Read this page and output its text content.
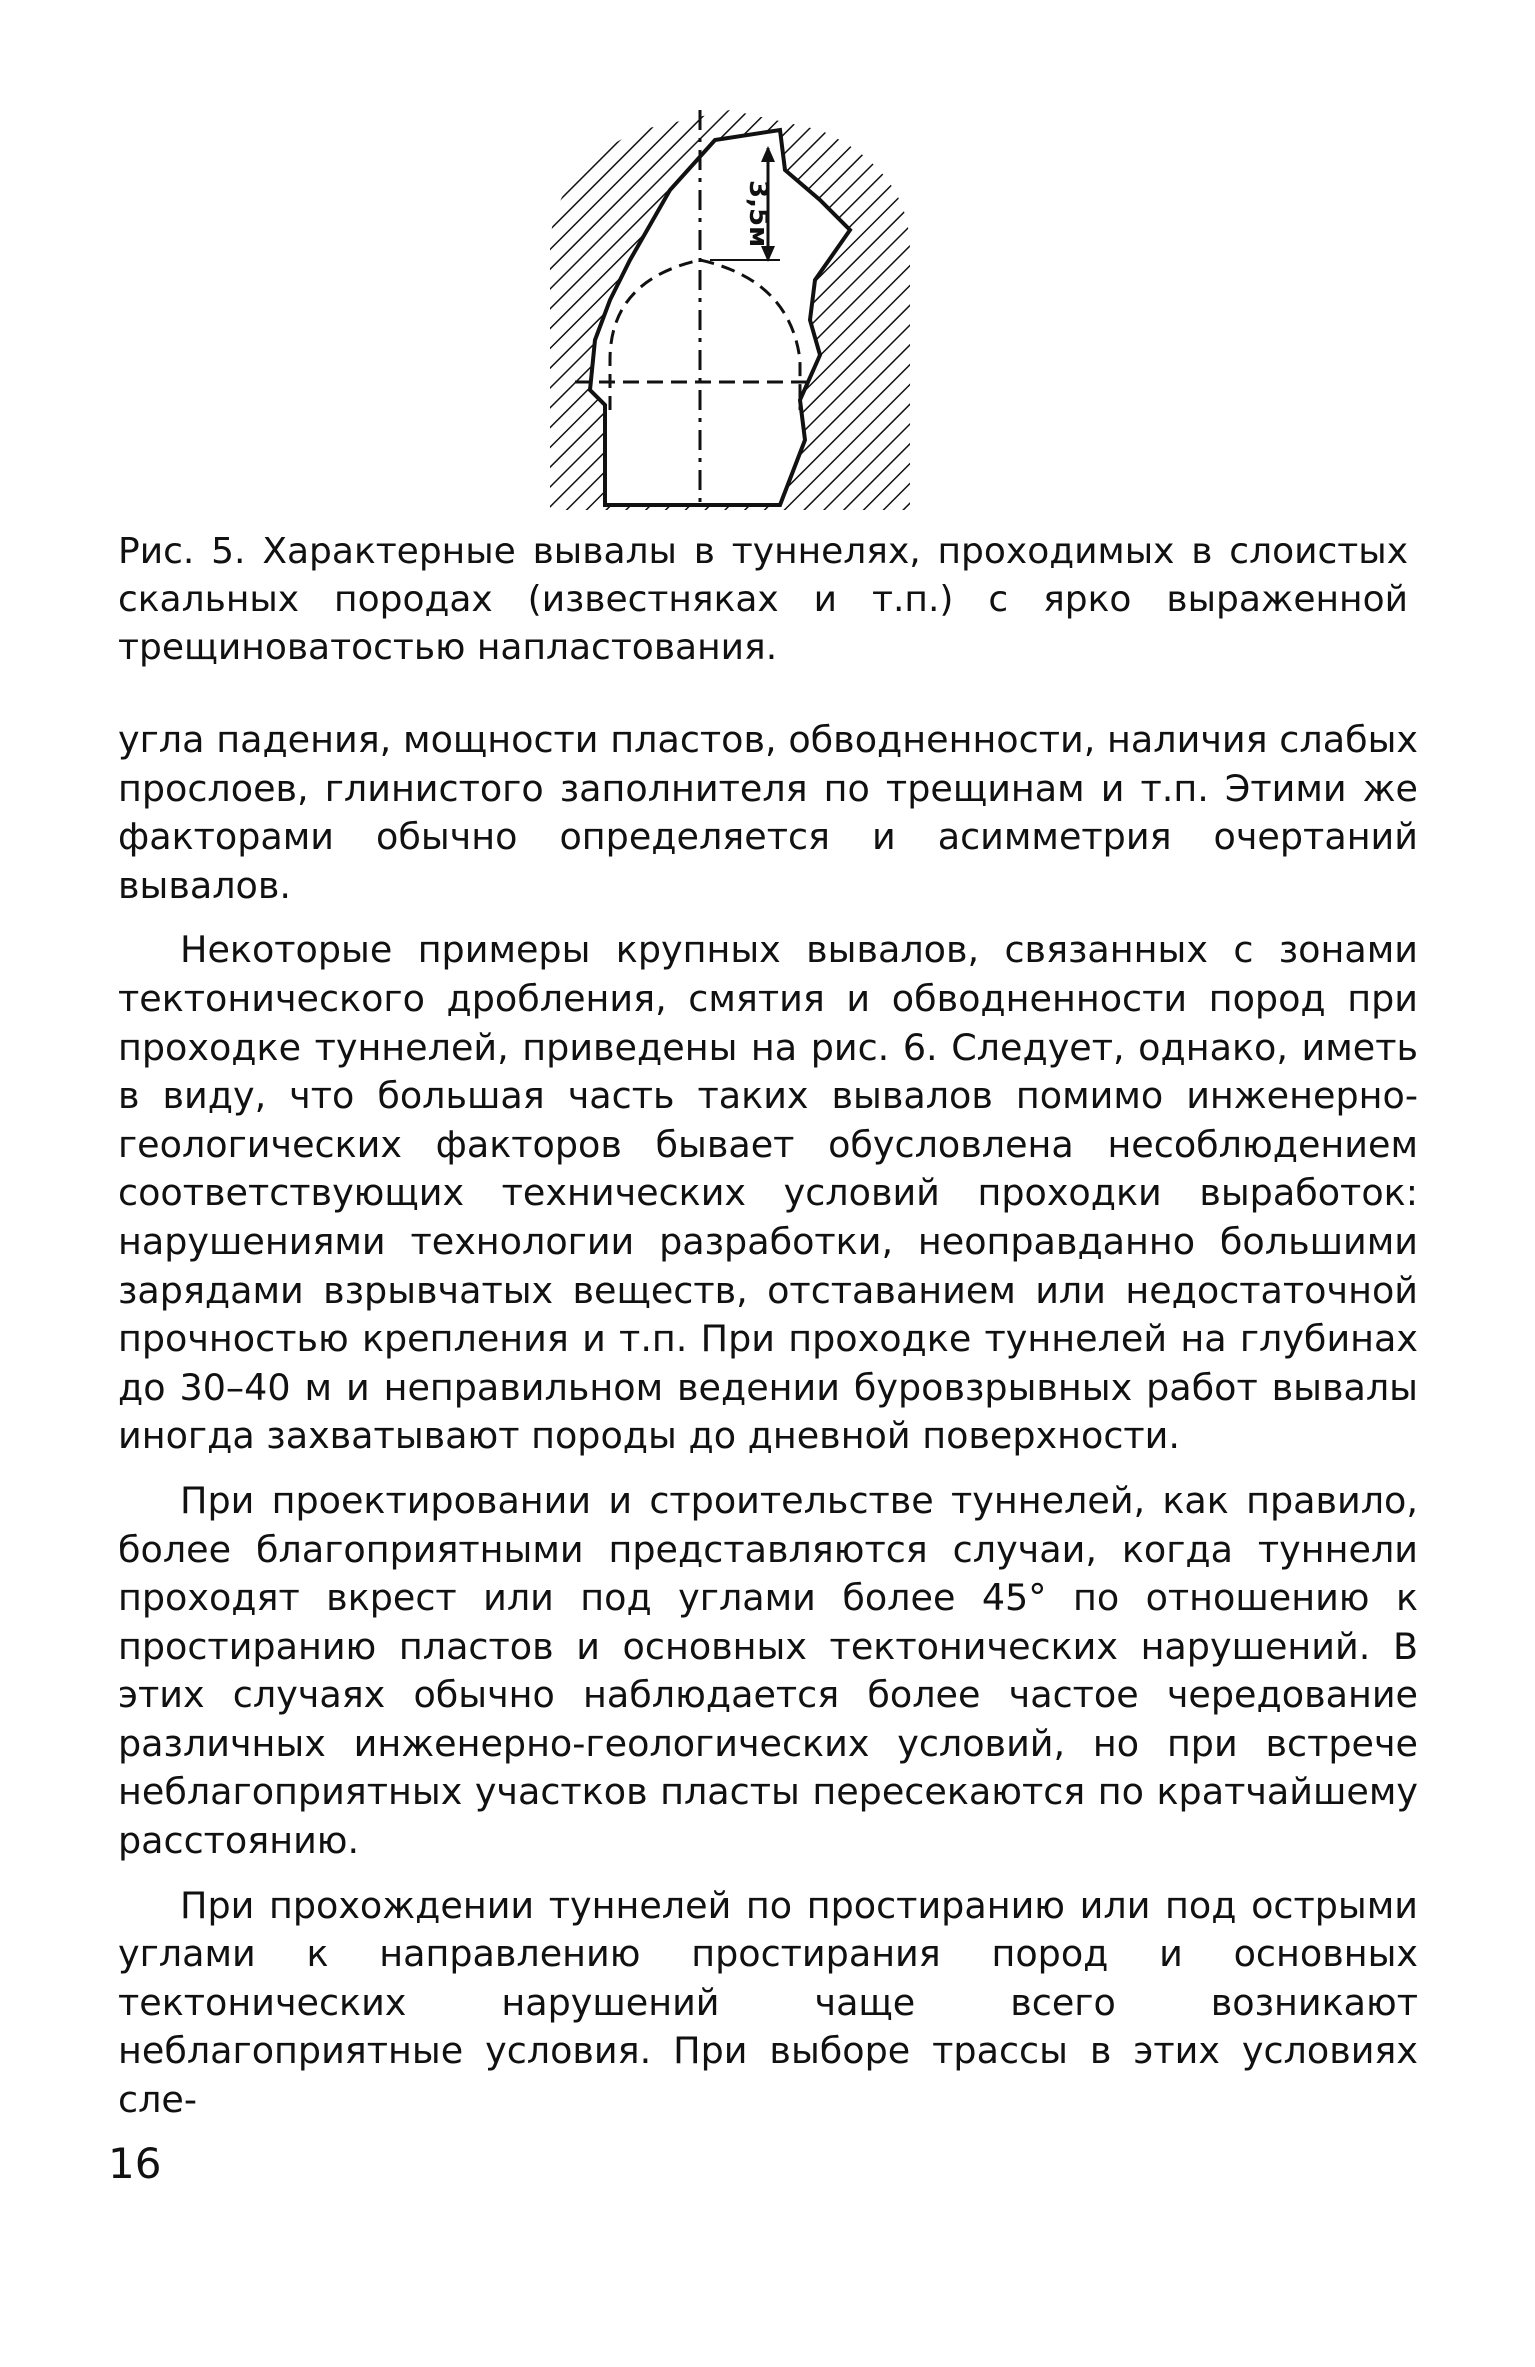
3,5м
Рис. 5. Характерные вывалы в туннелях, проходимых в слоистых скальных породах (известняках и т.п.) с ярко выраженной трещиноватостью напластования.

угла падения, мощности пластов, обводненности, наличия слабых прослоев, глинистого заполнителя по трещинам и т.п. Этими же факторами обычно определяется и асимметрия очертаний вывалов.

Некоторые примеры крупных вывалов, связанных с зонами тектонического дробления, смятия и обводненности пород при проходке туннелей, приведены на рис. 6. Следует, однако, иметь в виду, что большая часть таких вывалов помимо инженерно-геологических факторов бывает обусловлена несоблюдением соответствующих технических условий проходки выработок: нарушениями технологии разработки, неоправданно большими зарядами взрывчатых веществ, отставанием или недостаточной прочностью крепления и т.п. При проходке туннелей на глубинах до 30–40 м и неправильном ведении буровзрывных работ вывалы иногда захватывают породы до дневной поверхности.

При проектировании и строительстве туннелей, как правило, более благоприятными представляются случаи, когда туннели проходят вкрест или под углами более 45° по отношению к простиранию пластов и основных тектонических нарушений. В этих случаях обычно наблюдается более частое чередование различных инженерно-геологических условий, но при встрече неблагоприятных участков пласты пересекаются по кратчайшему расстоянию.

При прохождении туннелей по простиранию или под острыми углами к направлению простирания пород и основных тектонических нарушений чаще всего возникают неблагоприятные условия. При выборе трассы в этих условиях сле-

16
